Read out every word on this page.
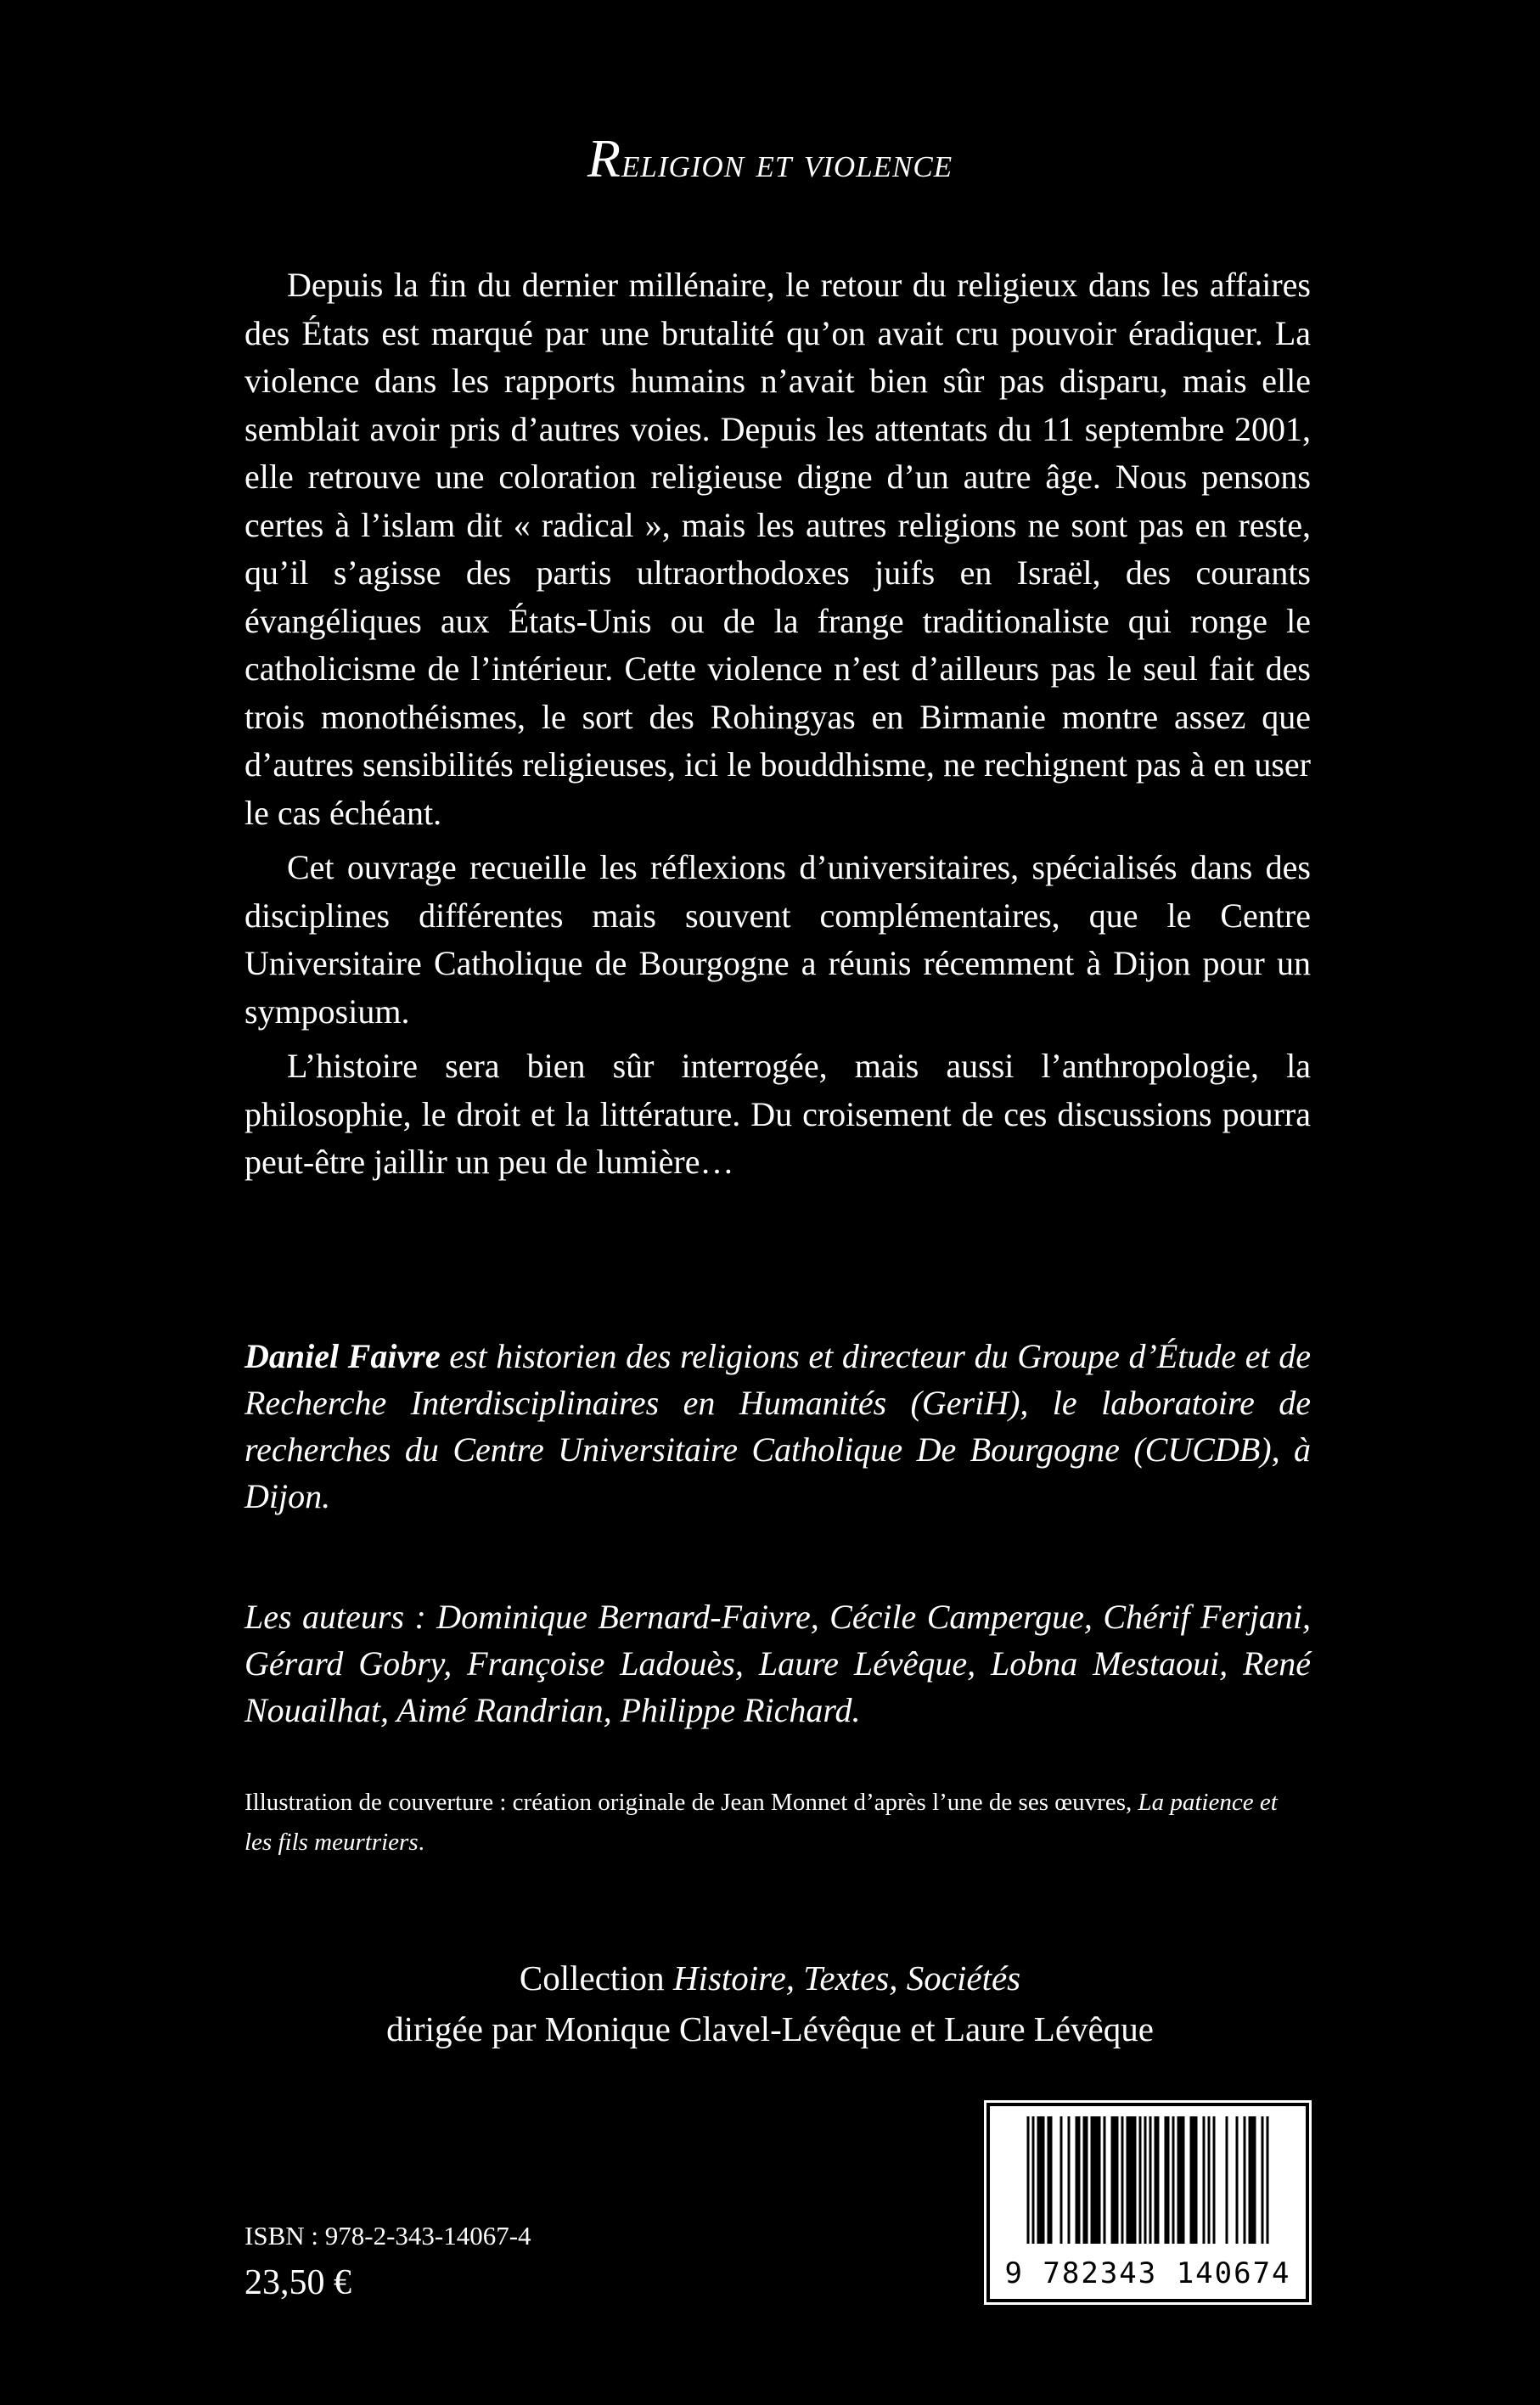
Religion et violence

Depuis la fin du dernier millénaire, le retour du religieux dans les affaires des États est marqué par une brutalité qu’on avait cru pouvoir éradiquer. La violence dans les rapports humains n’avait bien sûr pas disparu, mais elle semblait avoir pris d’autres voies. Depuis les attentats du 11 septembre 2001, elle retrouve une coloration religieuse digne d’un autre âge. Nous pensons certes à l’islam dit « radical », mais les autres religions ne sont pas en reste, qu’il s’agisse des partis ultraorthodoxes juifs en Israël, des courants évangéliques aux États-Unis ou de la frange traditionaliste qui ronge le catholicisme de l’intérieur. Cette violence n’est d’ailleurs pas le seul fait des trois monothéismes, le sort des Rohingyas en Birmanie montre assez que d’autres sensibilités religieuses, ici le bouddhisme, ne rechignent pas à en user le cas échéant.

Cet ouvrage recueille les réflexions d’universitaires, spécialisés dans des disciplines différentes mais souvent complémentaires, que le Centre Universitaire Catholique de Bourgogne a réunis récemment à Dijon pour un symposium.

L’histoire sera bien sûr interrogée, mais aussi l’anthropologie, la philosophie, le droit et la littérature. Du croisement de ces discussions pourra peut-être jaillir un peu de lumière…

Daniel Faivre est historien des religions et directeur du Groupe d’Étude et de Recherche Interdisciplinaires en Humanités (GeriH), le laboratoire de recherches du Centre Universitaire Catholique De Bourgogne (CUCDB), à Dijon.

Les auteurs : Dominique Bernard-Faivre, Cécile Campergue, Chérif Ferjani, Gérard Gobry, Françoise Ladouès, Laure Lévêque, Lobna Mestaoui, René Nouailhat, Aimé Randrian, Philippe Richard.

Illustration de couverture : création originale de Jean Monnet d’après l’une de ses œuvres, La patience et les fils meurtriers.

Collection Histoire, Textes, Sociétés
dirigée par Monique Clavel-Lévêque et Laure Lévêque

ISBN : 978-2-343-14067-4

23,50 €	9 782343 140674
